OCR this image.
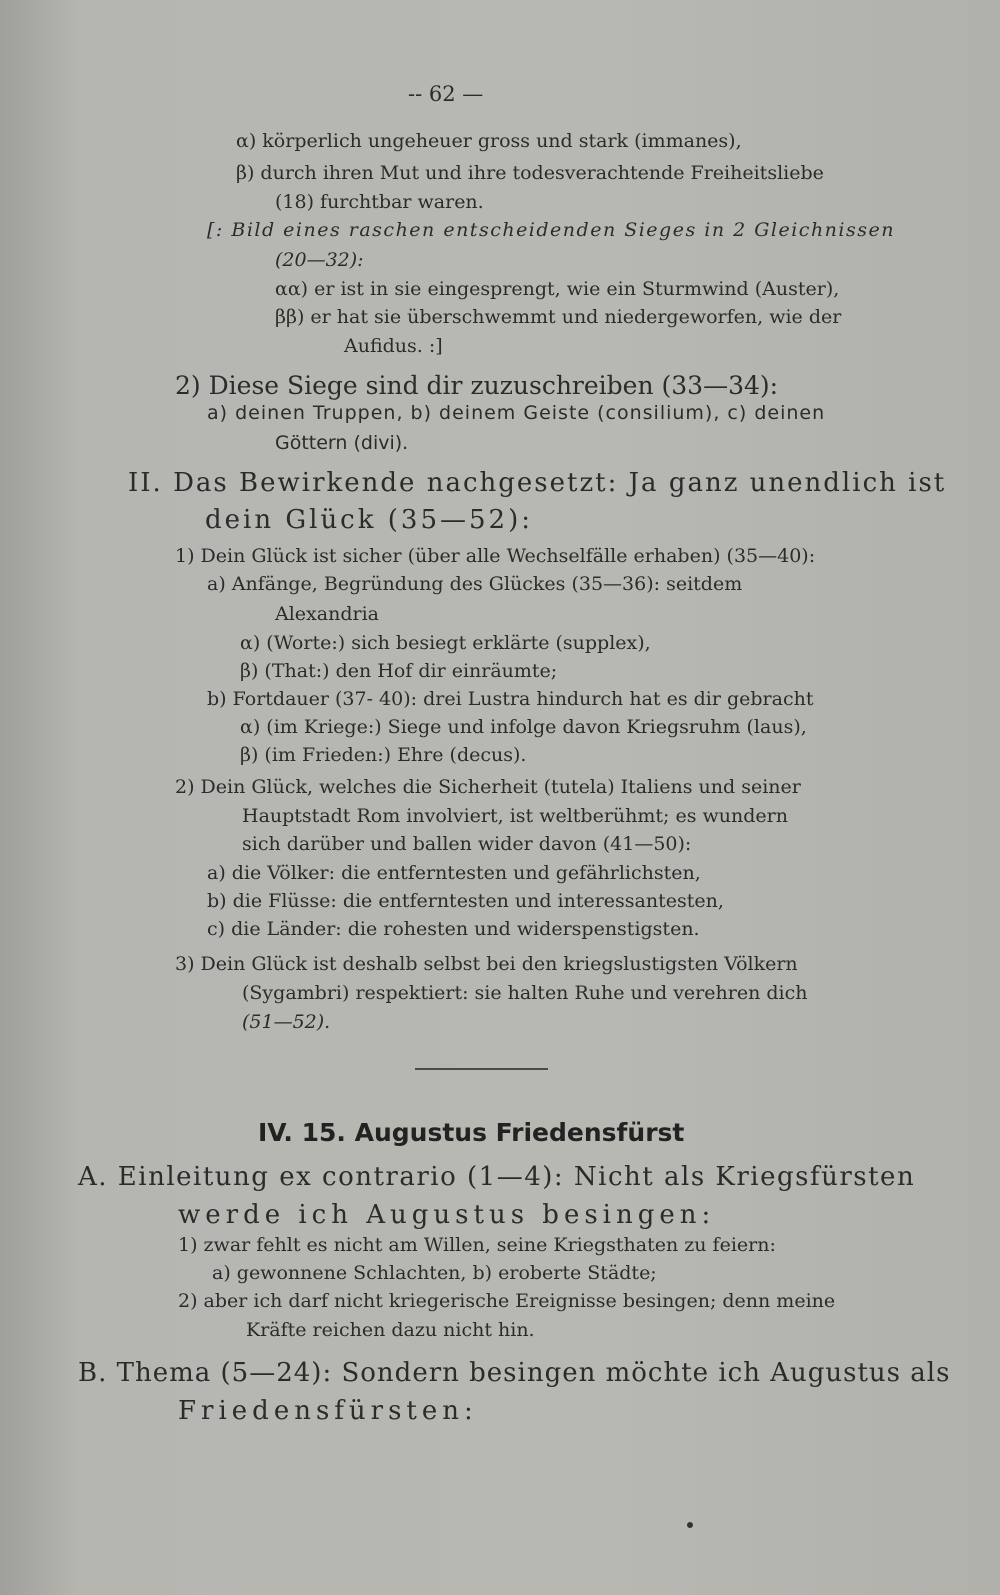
-- 62 —
α) körperlich ungeheuer gross und stark (immanes),
β) durch ihren Mut und ihre todesverachtende Freiheitsliebe
(18) furchtbar waren.
[: Bild eines raschen entscheidenden Sieges in 2 Gleichnissen
(20—32):
αα) er ist in sie eingesprengt, wie ein Sturmwind (Auster),
ββ) er hat sie überschwemmt und niedergeworfen, wie der
Aufidus. :]
2) Diese Siege sind dir zuzuschreiben (33—34):
a) deinen Truppen, b) deinem Geiste (consilium), c) deinen
Göttern (divi).
II. Das Bewirkende nachgesetzt: Ja ganz unendlich ist
dein Glück (35—52):
1) Dein Glück ist sicher (über alle Wechselfälle erhaben) (35—40):
a) Anfänge, Begründung des Glückes (35—36): seitdem
Alexandria
α) (Worte:) sich besiegt erklärte (supplex),
β) (That:) den Hof dir einräumte;
b) Fortdauer (37- 40): drei Lustra hindurch hat es dir gebracht
α) (im Kriege:) Siege und infolge davon Kriegsruhm (laus),
β) (im Frieden:) Ehre (decus).
2) Dein Glück, welches die Sicherheit (tutela) Italiens und seiner
Hauptstadt Rom involviert, ist weltberühmt; es wundern
sich darüber und ballen wider davon (41—50):
a) die Völker: die entferntesten und gefährlichsten,
b) die Flüsse: die entferntesten und interessantesten,
c) die Länder: die rohesten und widerspenstigsten.
3) Dein Glück ist deshalb selbst bei den kriegslustigsten Völkern
(Sygambri) respektiert: sie halten Ruhe und verehren dich
(51—52).
IV. 15. Augustus Friedensfürst
A. Einleitung ex contrario (1—4): Nicht als Kriegsfürsten
werde ich Augustus besingen:
1) zwar fehlt es nicht am Willen, seine Kriegsthaten zu feiern:
a) gewonnene Schlachten, b) eroberte Städte;
2) aber ich darf nicht kriegerische Ereignisse besingen; denn meine
Kräfte reichen dazu nicht hin.
B. Thema (5—24): Sondern besingen möchte ich Augustus als
Friedensfürsten:
